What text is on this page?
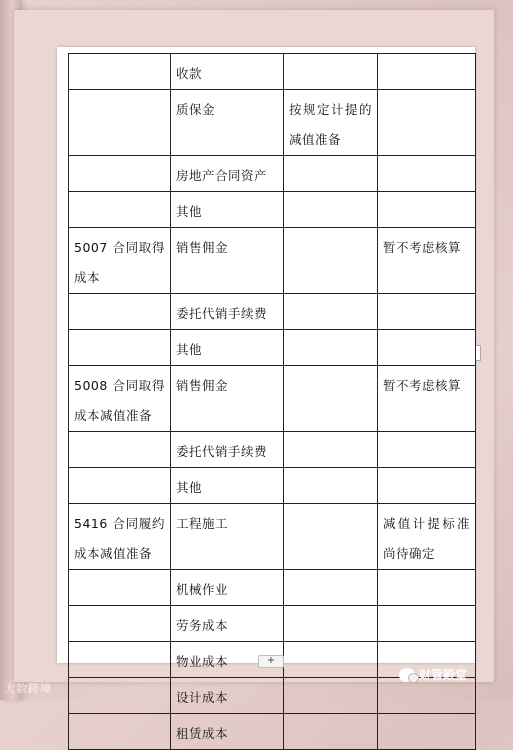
	收款		
	质保金	按规定计提的
减值准备	

	房地产合同资产		
	其他		

5007 合同取得
成本	销售佣金		暂不考虑核算
	委托代销手续费		
	其他		

5008 合同取得
成本减值准备	销售佣金		暂不考虑核算
	委托代销手续费		
	其他		

5416 合同履约
成本减值准备	工程施工		减值计提标准
尚待确定

	机械作业		
	劳务成本		
	物业成本		
	设计成本		
	租赁成本		
+
大数跨境
财管殿堂
